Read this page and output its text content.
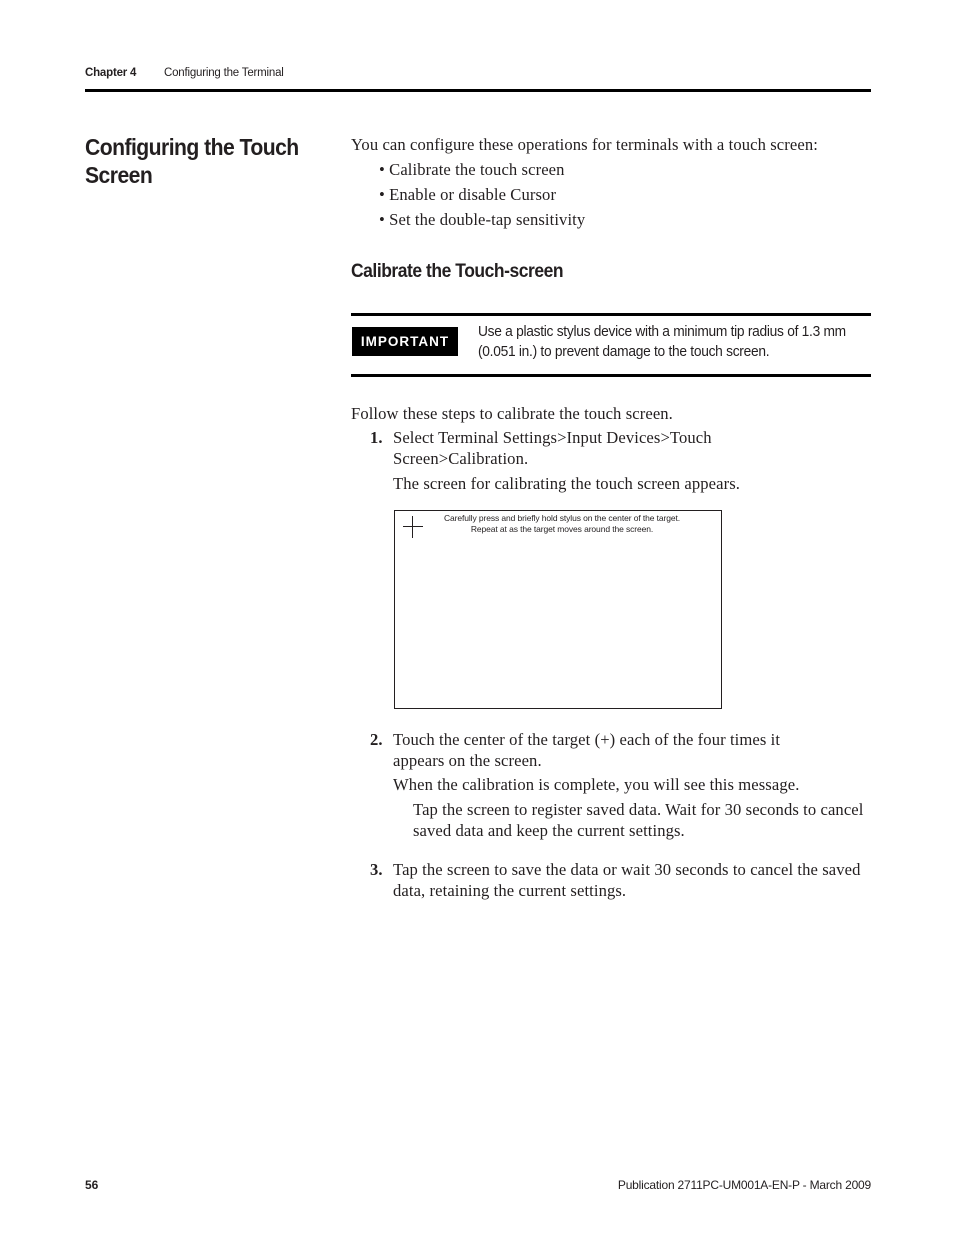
Chapter 4 Configuring the Terminal
Configuring the Touch Screen
You can configure these operations for terminals with a touch screen:
• Calibrate the touch screen
• Enable or disable Cursor
• Set the double-tap sensitivity
Calibrate the Touch-screen
IMPORTANT
Use a plastic stylus device with a minimum tip radius of 1.3 mm (0.051 in.) to prevent damage to the touch screen.
Follow these steps to calibrate the touch screen.
1. Select Terminal Settings>Input Devices>Touch Screen>Calibration.
The screen for calibrating the touch screen appears.
Carefully press and briefly hold stylus on the center of the target.
Repeat at as the target moves around the screen.
2. Touch the center of the target (+) each of the four times it appears on the screen.
When the calibration is complete, you will see this message.
Tap the screen to register saved data. Wait for 30 seconds to cancel saved data and keep the current settings.
3. Tap the screen to save the data or wait 30 seconds to cancel the saved data, retaining the current settings.
56	Publication 2711PC-UM001A-EN-P - March 2009
